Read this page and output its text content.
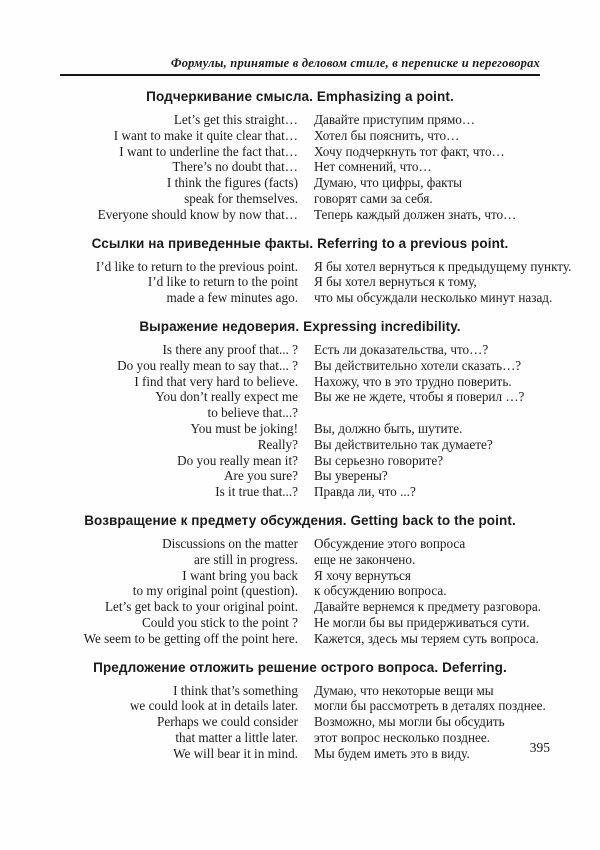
Формулы, принятые в деловом стиле, в переписке и переговорах
Подчеркивание смысла. Emphasizing a point.
Let’s get this straight… Давайте приступим прямо…
I want to make it quite clear that… Хотел бы пояснить, что…
I want to underline the fact that… Хочу подчеркнуть тот факт, что…
There’s no doubt that… Нет сомнений, что…
I think the figures (facts) Думаю, что цифры, факты
speak for themselves. говорят сами за себя.
Everyone should know by now that… Теперь каждый должен знать, что…
Ссылки на приведенные факты. Referring to a previous point.
I’d like to return to the previous point. Я бы хотел вернуться к предыдущему пункту.
I’d like to return to the point Я бы хотел вернуться к тому,
made a few minutes ago. что мы обсуждали несколько минут назад.
Выражение недоверия. Expressing incredibility.
Is there any proof that... ? Есть ли доказательства, что…?
Do you really mean to say that... ? Вы действительно хотели сказать…?
I find that very hard to believe. Нахожу, что в это трудно поверить.
You don’t really expect me Вы же не ждете, чтобы я поверил …?
to believe that...?

You must be joking! Вы, должно быть, шутите.
Really? Вы действительно так думаете?
Do you really mean it? Вы серьезно говорите?
Are you sure? Вы уверены?
Is it true that...? Правда ли, что ...?
Возвращение к предмету обсуждения. Getting back to the point.
Discussions on the matter Обсуждение этого вопроса
are still in progress. еще не закончено.
I want bring you back Я хочу вернуться
to my original point (question). к обсуждению вопроса.
Let’s get back to your original point. Давайте вернемся к предмету разговора.
Could you stick to the point ? Не могли бы вы придерживаться сути.
We seem to be getting off the point here. Кажется, здесь мы теряем суть вопроса.
Предложение отложить решение острого вопроса. Deferring.
I think that’s something Думаю, что некоторые вещи мы
we could look at in details later. могли бы рассмотреть в деталях позднее.
Perhaps we could consider Возможно, мы могли бы обсудить
that matter a little later. этот вопрос несколько позднее.
We will bear it in mind. Мы будем иметь это в виду.	395
